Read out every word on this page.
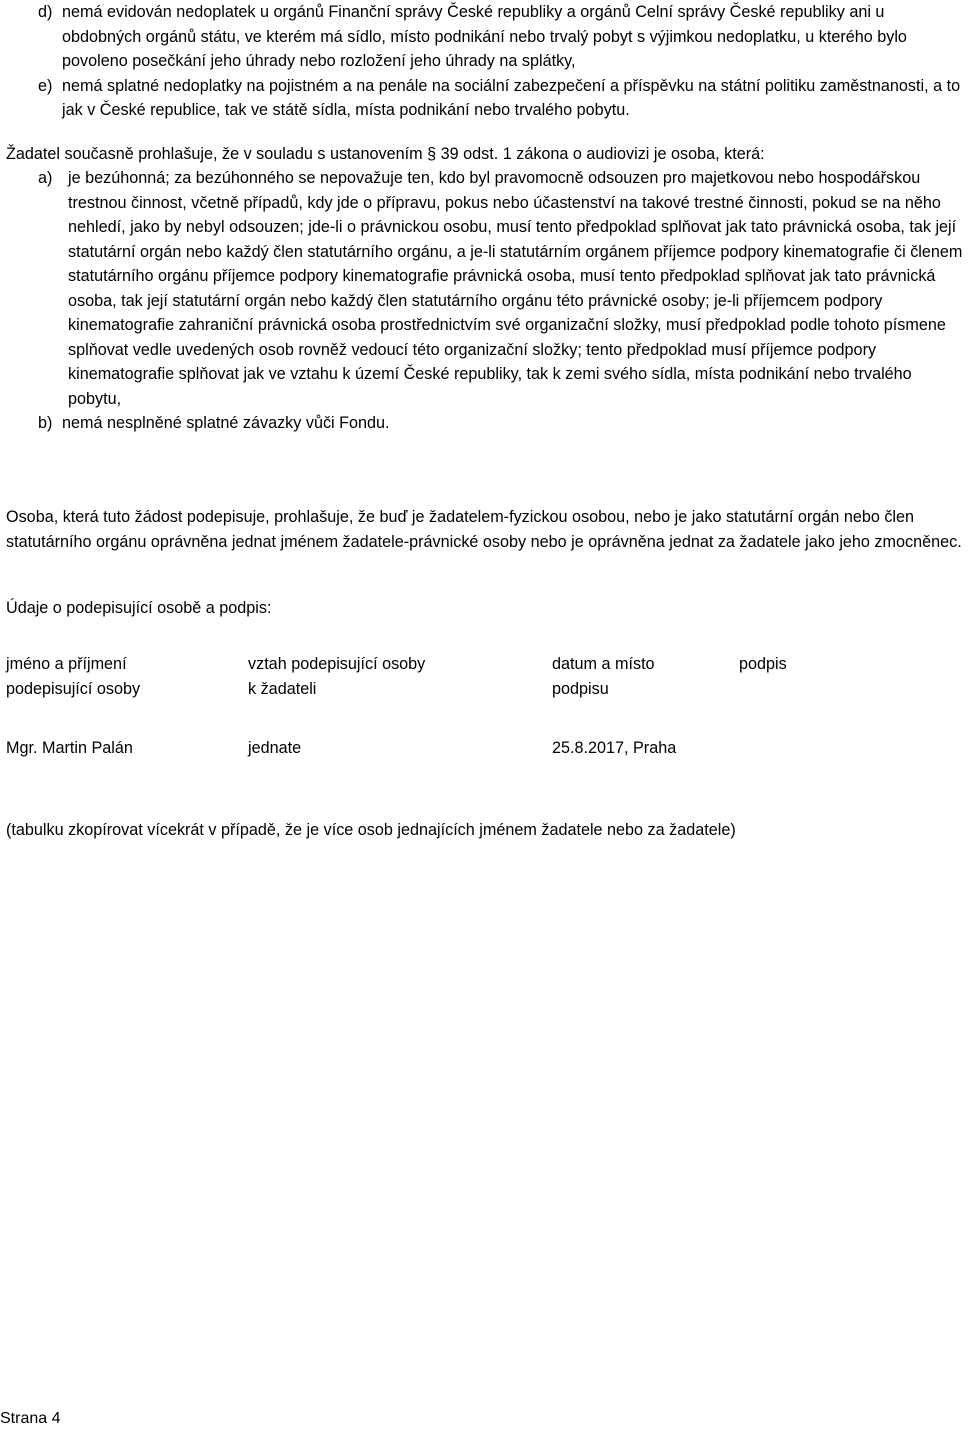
d) nemá evidován nedoplatek u orgánů Finanční správy České republiky a orgánů Celní správy České republiky ani u obdobných orgánů státu, ve kterém má sídlo, místo podnikání nebo trvalý pobyt s výjimkou nedoplatku, u kterého bylo povoleno posečkání jeho úhrady nebo rozložení jeho úhrady na splátky,
e) nemá splatné nedoplatky na pojistném a na penále na sociální zabezpečení a příspěvku na státní politiku zaměstnanosti, a to jak v České republice, tak ve státě sídla, místa podnikání nebo trvalého pobytu.

Žadatel současně prohlašuje, že v souladu s ustanovením § 39 odst. 1 zákona o audiovizi je osoba, která:

a) je bezúhonná; za bezúhonného se nepovažuje ten, kdo byl pravomocně odsouzen pro majetkovou nebo hospodářskou trestnou činnost, včetně případů, kdy jde o přípravu, pokus nebo účastenství na takové trestné činnosti, pokud se na něho nehledí, jako by nebyl odsouzen; jde-li o právnickou osobu, musí tento předpoklad splňovat jak tato právnická osoba, tak její statutární orgán nebo každý člen statutárního orgánu, a je-li statutárním orgánem příjemce podpory kinematografie či členem statutárního orgánu příjemce podpory kinematografie právnická osoba, musí tento předpoklad splňovat jak tato právnická osoba, tak její statutární orgán nebo každý člen statutárního orgánu této právnické osoby; je-li příjemcem podpory kinematografie zahraniční právnická osoba prostřednictvím své organizační složky, musí předpoklad podle tohoto písmene splňovat vedle uvedených osob rovněž vedoucí této organizační složky; tento předpoklad musí příjemce podpory kinematografie splňovat jak ve vztahu k území České republiky, tak k zemi svého sídla, místa podnikání nebo trvalého pobytu,
b) nemá nesplněné splatné závazky vůči Fondu.

Osoba, která tuto žádost podepisuje, prohlašuje, že buď je žadatelem-fyzickou osobou, nebo je jako statutární orgán nebo člen statutárního orgánu oprávněna jednat jménem žadatele-právnické osoby nebo je oprávněna jednat za žadatele jako jeho zmocněnec.

Údaje o podepisující osobě a podpis:

jméno a příjmení
podepisující osoby
vztah podepisující osoby
k žadateli
datum a místo
podpisu
podpis
Mgr. Martin Palán	jednate	25.8.2017, Praha

(tabulku zkopírovat vícekrát v případě, že je více osob jednajících jménem žadatele nebo za žadatele)

Strana 4
